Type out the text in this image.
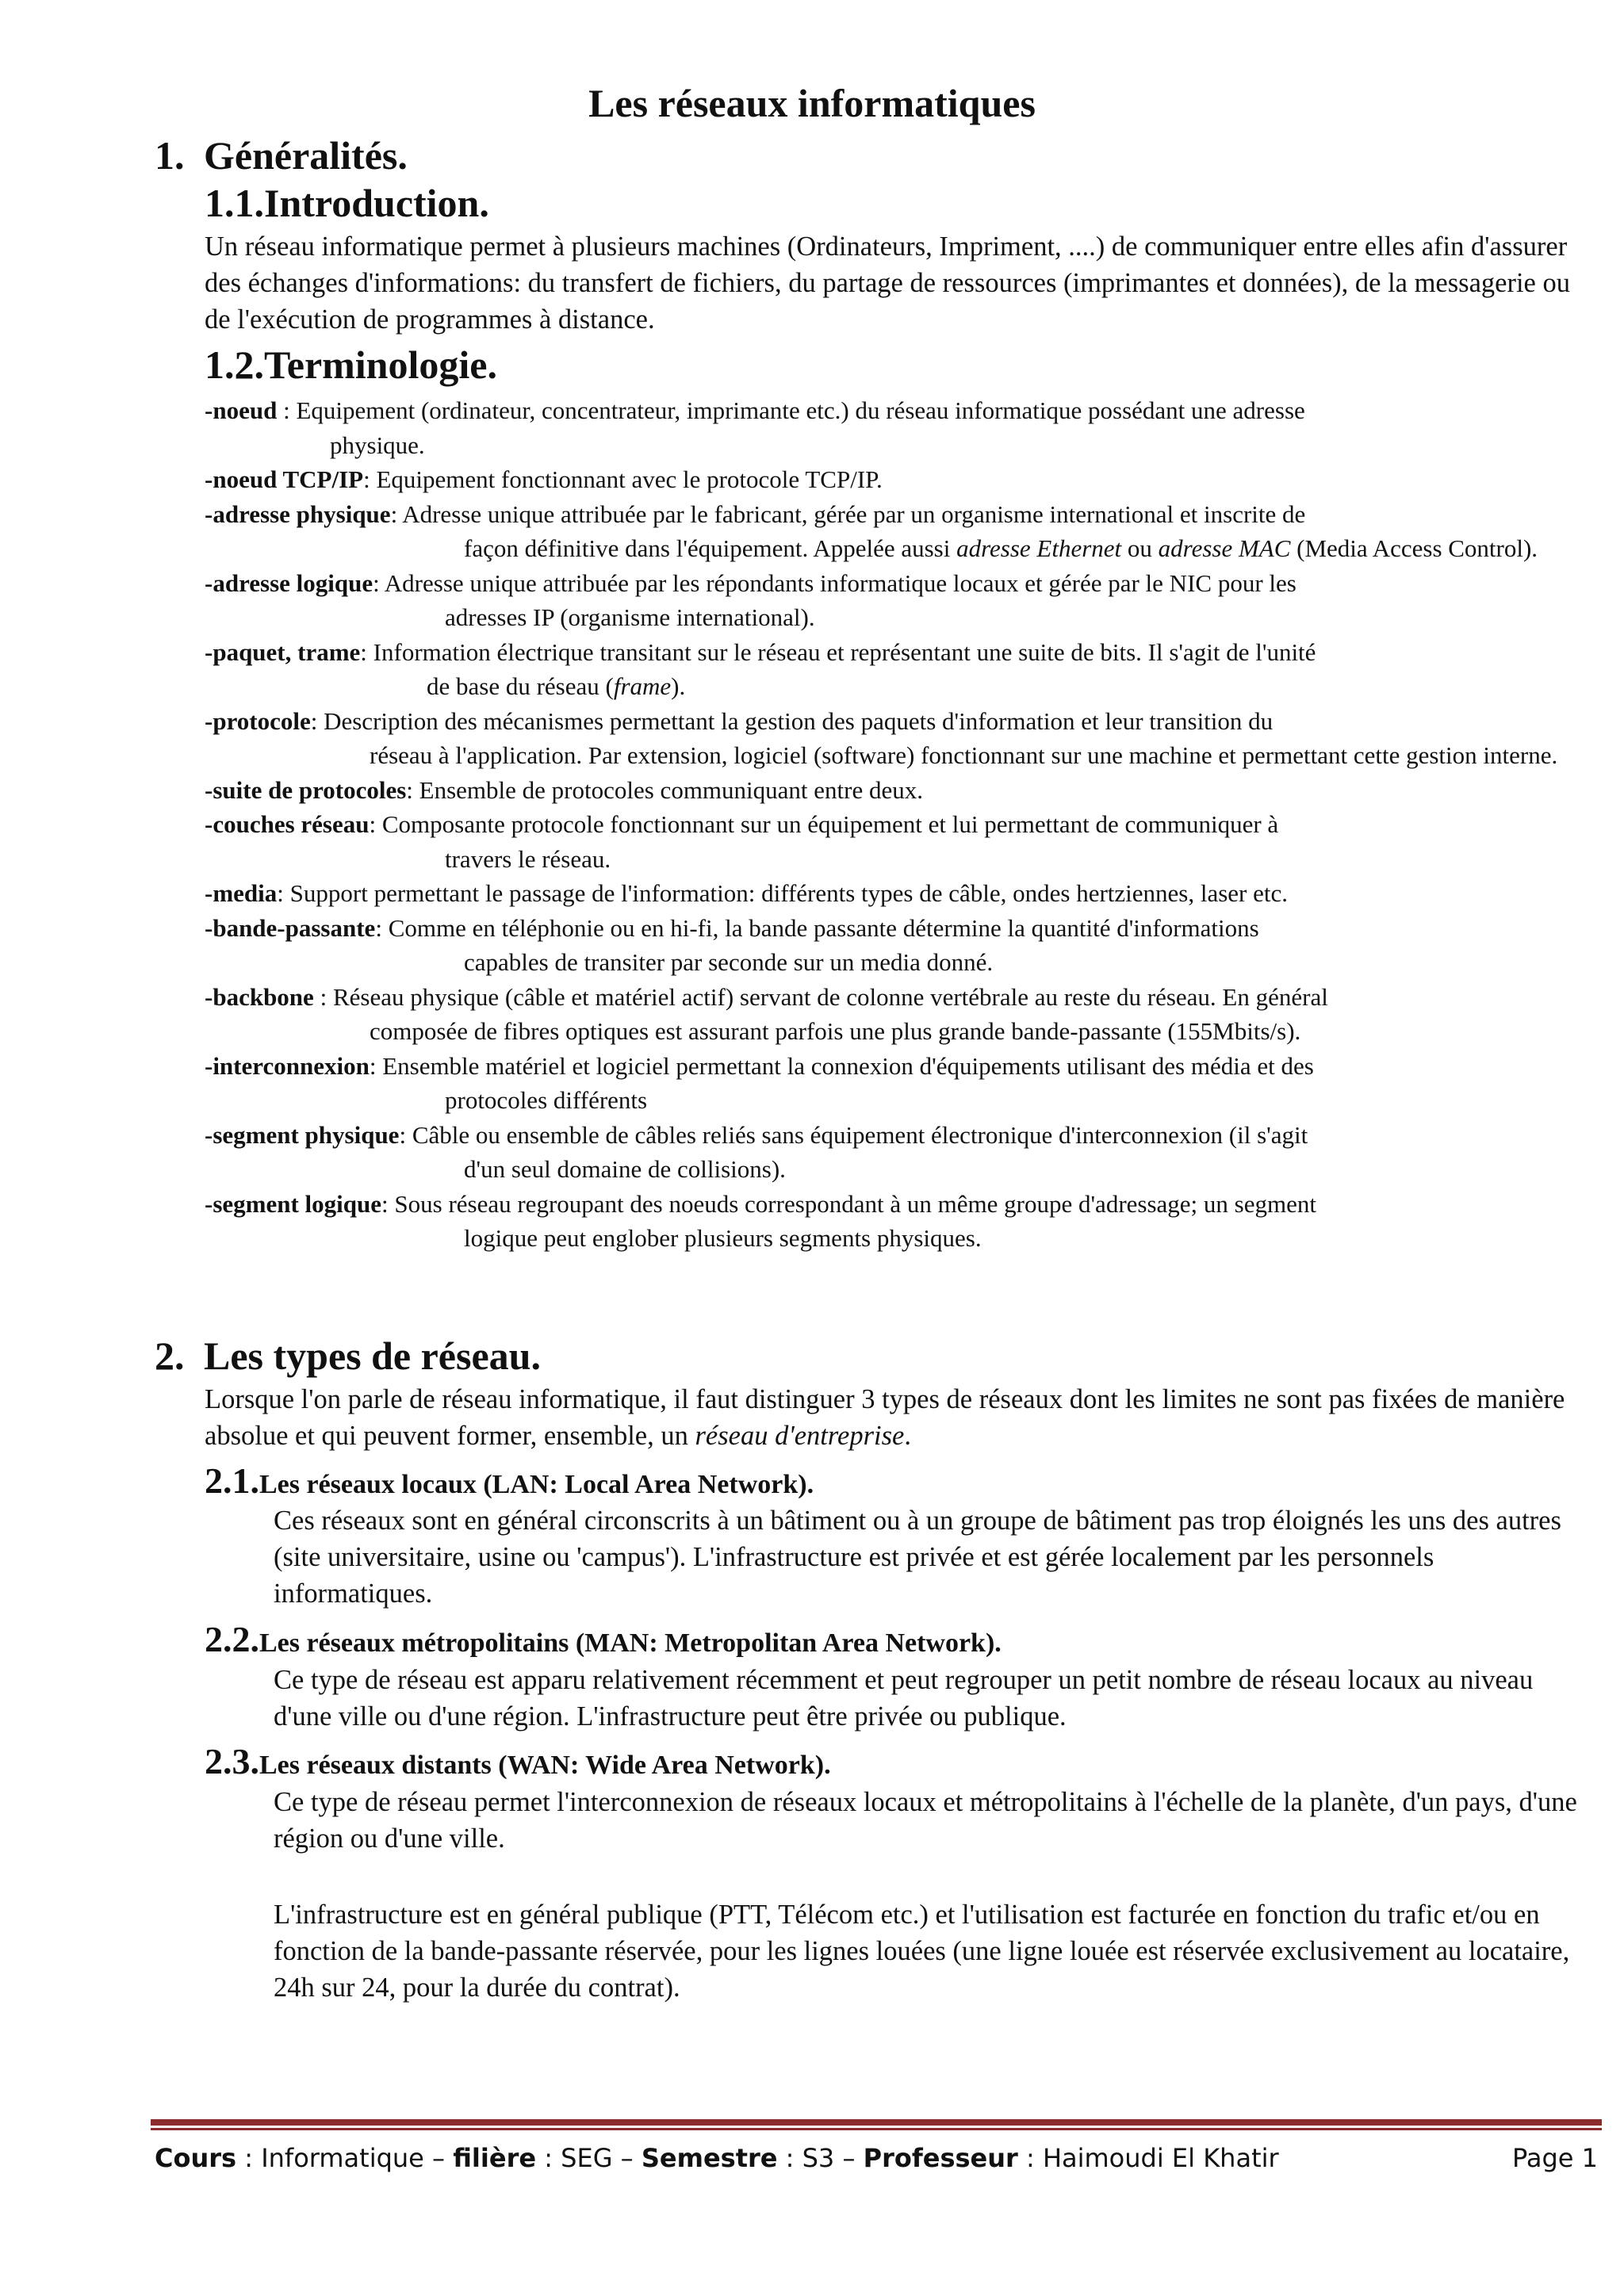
Les réseaux informatiques
1. Généralités.
1.1.Introduction.

Un réseau informatique permet à plusieurs machines (Ordinateurs, Impriment, ....) de communiquer entre elles afin d'assurer des échanges d'informations: du transfert de fichiers, du partage de ressources (imprimantes et données), de la messagerie ou de l'exécution de programmes à distance.

1.2.Terminologie.
-noeud : Equipement (ordinateur, concentrateur, imprimante etc.) du réseau informatique possédant une adresse
physique.
-noeud TCP/IP: Equipement fonctionnant avec le protocole TCP/IP.
-adresse physique: Adresse unique attribuée par le fabricant, gérée par un organisme international et inscrite de
façon définitive dans l'équipement. Appelée aussi adresse Ethernet ou adresse MAC (Media Access Control).
-adresse logique: Adresse unique attribuée par les répondants informatique locaux et gérée par le NIC pour les
adresses IP (organisme international).
-paquet, trame: Information électrique transitant sur le réseau et représentant une suite de bits. Il s'agit de l'unité
de base du réseau (frame).
-protocole: Description des mécanismes permettant la gestion des paquets d'information et leur transition du
réseau à l'application. Par extension, logiciel (software) fonctionnant sur une machine et permettant cette gestion interne.
-suite de protocoles: Ensemble de protocoles communiquant entre deux.
-couches réseau: Composante protocole fonctionnant sur un équipement et lui permettant de communiquer à
travers le réseau.
-media: Support permettant le passage de l'information: différents types de câble, ondes hertziennes, laser etc.
-bande-passante: Comme en téléphonie ou en hi-fi, la bande passante détermine la quantité d'informations
capables de transiter par seconde sur un media donné.
-backbone : Réseau physique (câble et matériel actif) servant de colonne vertébrale au reste du réseau. En général
composée de fibres optiques est assurant parfois une plus grande bande-passante (155Mbits/s).
-interconnexion: Ensemble matériel et logiciel permettant la connexion d'équipements utilisant des média et des
protocoles différents
-segment physique: Câble ou ensemble de câbles reliés sans équipement électronique d'interconnexion (il s'agit
d'un seul domaine de collisions).
-segment logique: Sous réseau regroupant des noeuds correspondant à un même groupe d'adressage; un segment
logique peut englober plusieurs segments physiques.
2. Les types de réseau.

Lorsque l'on parle de réseau informatique, il faut distinguer 3 types de réseaux dont les limites ne sont pas fixées de manière absolue et qui peuvent former, ensemble, un réseau d'entreprise.

2.1.Les réseaux locaux (LAN: Local Area Network).

Ces réseaux sont en général circonscrits à un bâtiment ou à un groupe de bâtiment pas trop éloignés les uns des autres (site universitaire, usine ou 'campus'). L'infrastructure est privée et est gérée localement par les personnels informatiques.

2.2.Les réseaux métropolitains (MAN: Metropolitan Area Network).

Ce type de réseau est apparu relativement récemment et peut regrouper un petit nombre de réseau locaux au niveau d'une ville ou d'une région. L'infrastructure peut être privée ou publique.

2.3.Les réseaux distants (WAN: Wide Area Network).

Ce type de réseau permet l'interconnexion de réseaux locaux et métropolitains à l'échelle de la planète, d'un pays, d'une région ou d'une ville.

L'infrastructure est en général publique (PTT, Télécom etc.) et l'utilisation est facturée en fonction du trafic et/ou en fonction de la bande-passante réservée, pour les lignes louées (une ligne louée est réservée exclusivement au locataire, 24h sur 24, pour la durée du contrat).

Cours : Informatique – filière : SEG – Semestre : S3 – Professeur : Haimoudi El Khatir	Page 1
